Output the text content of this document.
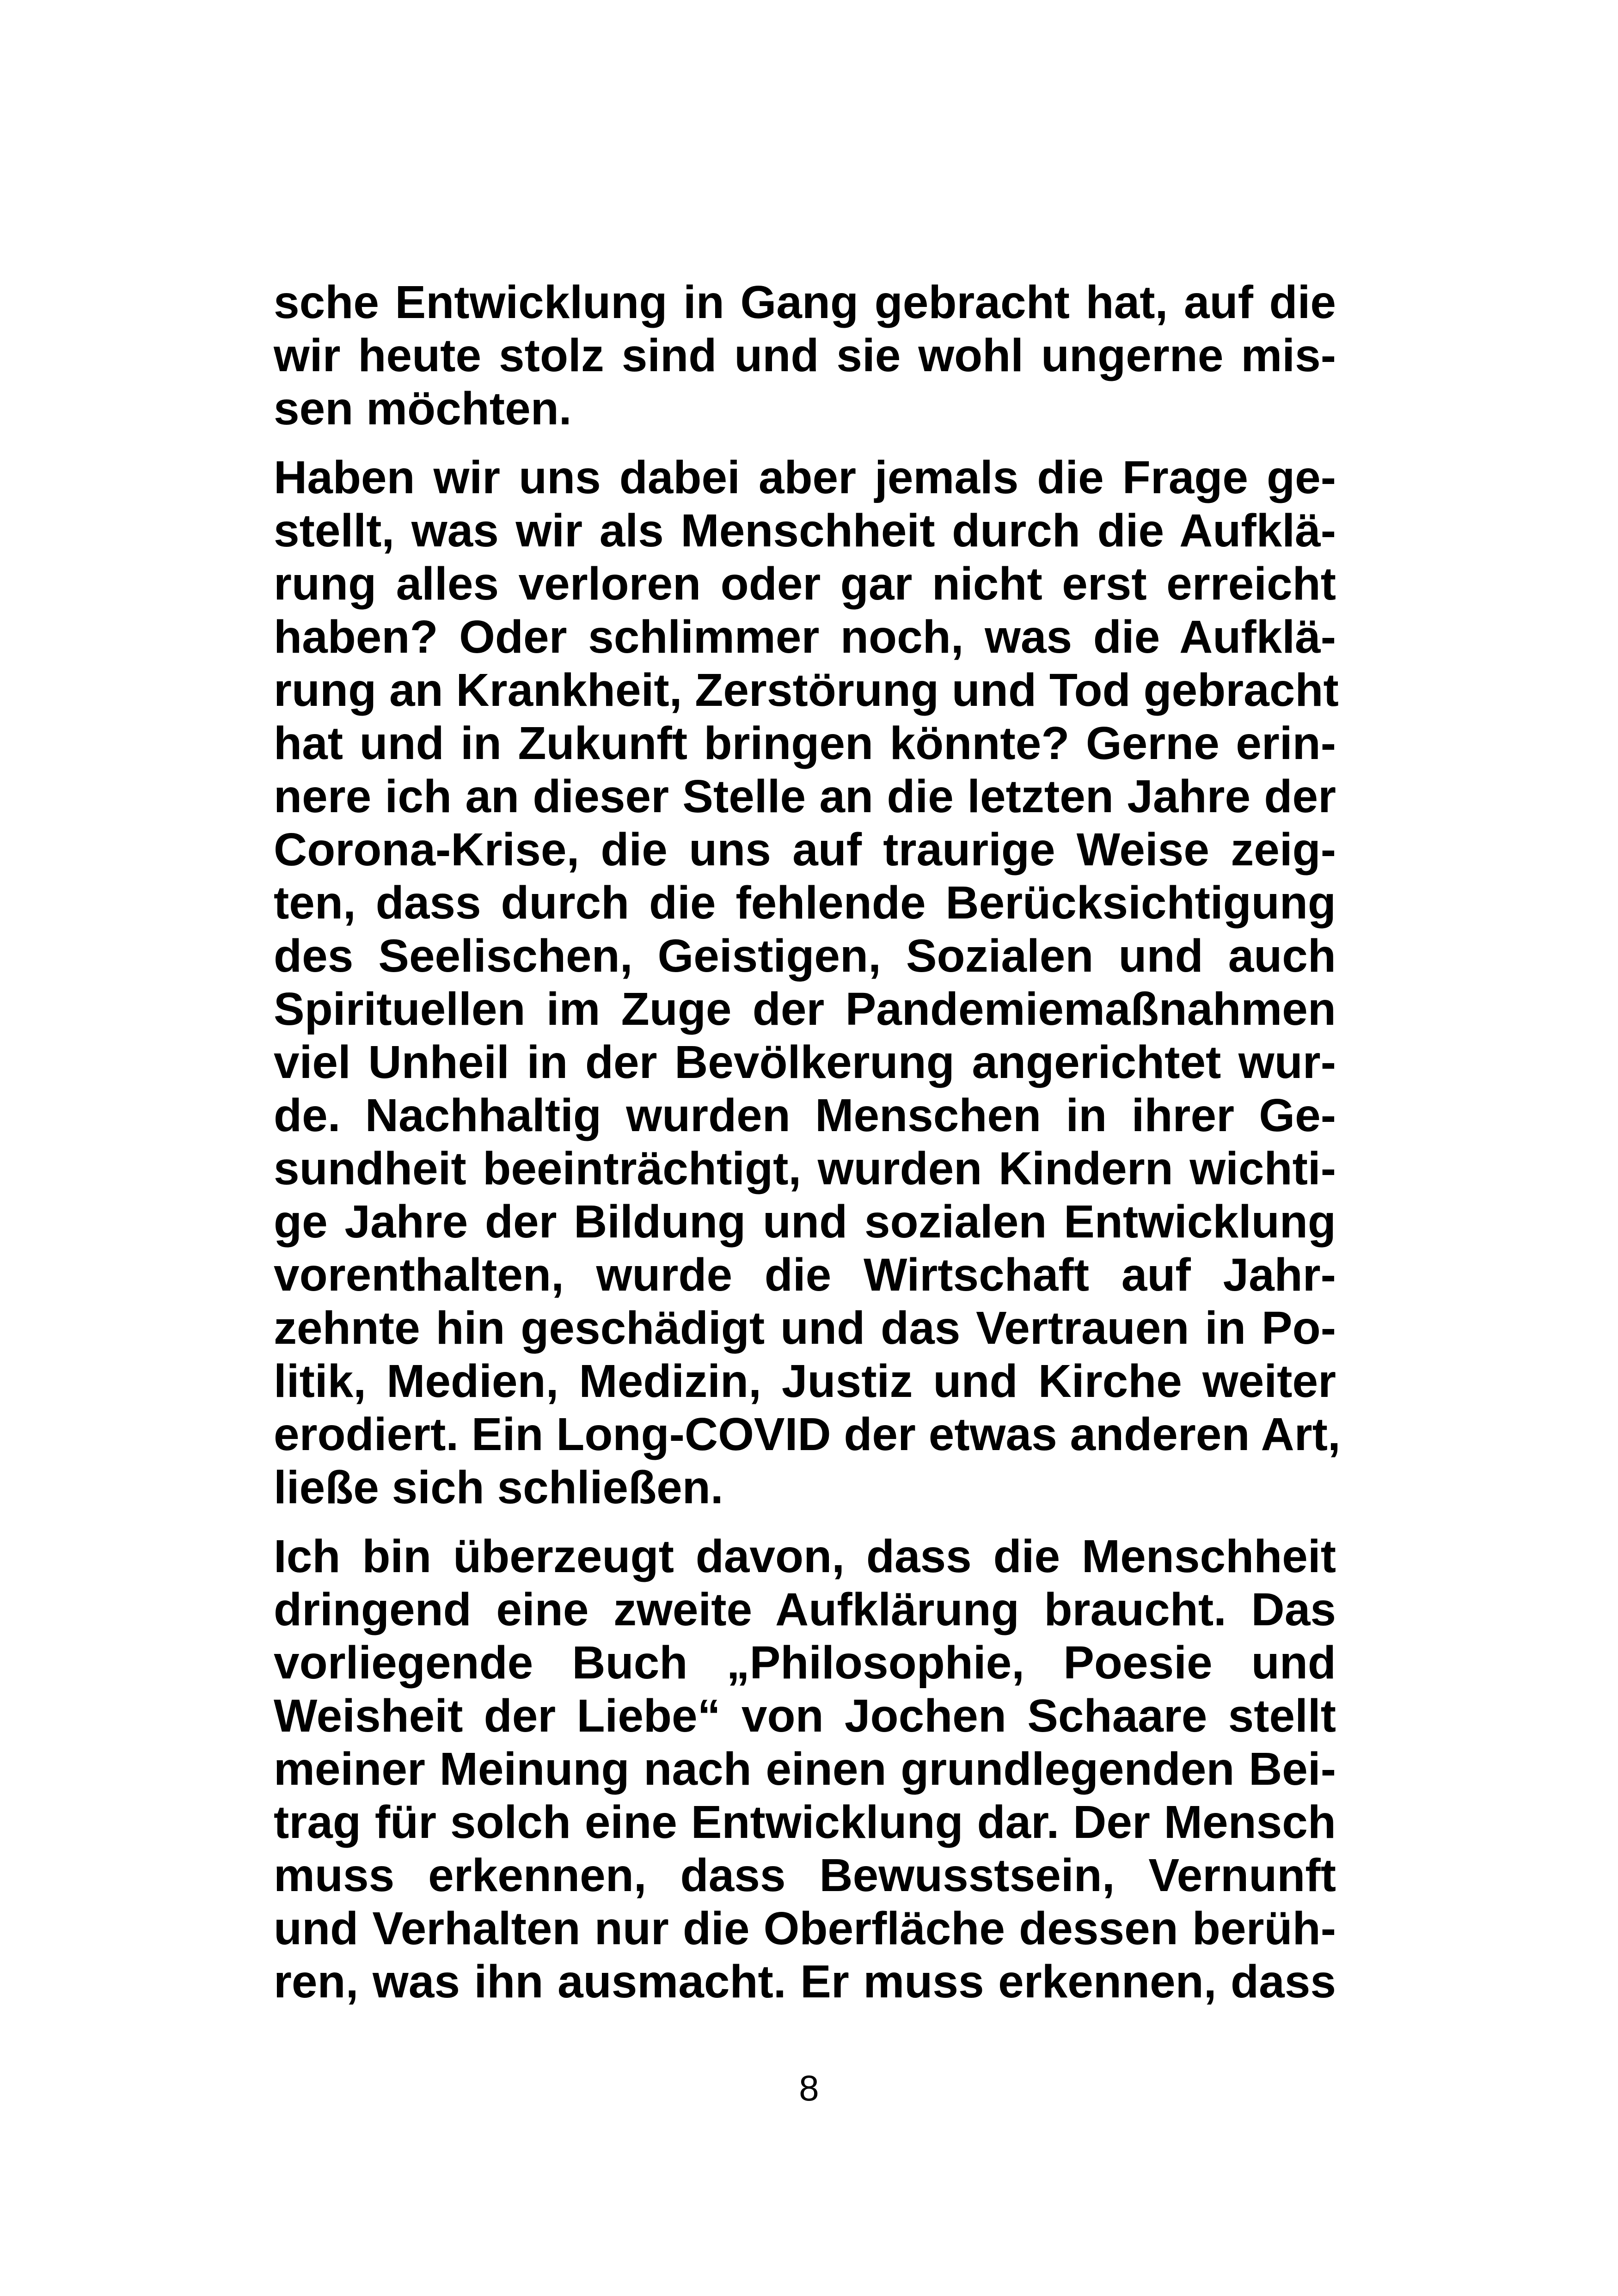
sche Entwicklung in Gang gebracht hat, auf die
wir heute stolz sind und sie wohl ungerne mis-
sen möchten.
Haben wir uns dabei aber jemals die Frage ge-
stellt, was wir als Menschheit durch die Aufklä-
rung alles verloren oder gar nicht erst erreicht
haben? Oder schlimmer noch, was die Aufklä-
rung an Krankheit, Zerstörung und Tod gebracht
hat und in Zukunft bringen könnte? Gerne erin-
nere ich an dieser Stelle an die letzten Jahre der
Corona-Krise, die uns auf traurige Weise zeig-
ten, dass durch die fehlende Berücksichtigung
des Seelischen, Geistigen, Sozialen und auch
Spirituellen im Zuge der Pandemiemaßnahmen
viel Unheil in der Bevölkerung angerichtet wur-
de. Nachhaltig wurden Menschen in ihrer Ge-
sundheit beeinträchtigt, wurden Kindern wichti-
ge Jahre der Bildung und sozialen Entwicklung
vorenthalten, wurde die Wirtschaft auf Jahr-
zehnte hin geschädigt und das Vertrauen in Po-
litik, Medien, Medizin, Justiz und Kirche weiter
erodiert. Ein Long-COVID der etwas anderen Art,
ließe sich schließen.
Ich bin überzeugt davon, dass die Menschheit
dringend eine zweite Aufklärung braucht. Das
vorliegende Buch „Philosophie, Poesie und
Weisheit der Liebe“ von Jochen Schaare stellt
meiner Meinung nach einen grundlegenden Bei-
trag für solch eine Entwicklung dar. Der Mensch
muss erkennen, dass Bewusstsein, Vernunft
und Verhalten nur die Oberfläche dessen berüh-
ren, was ihn ausmacht. Er muss erkennen, dass
8
